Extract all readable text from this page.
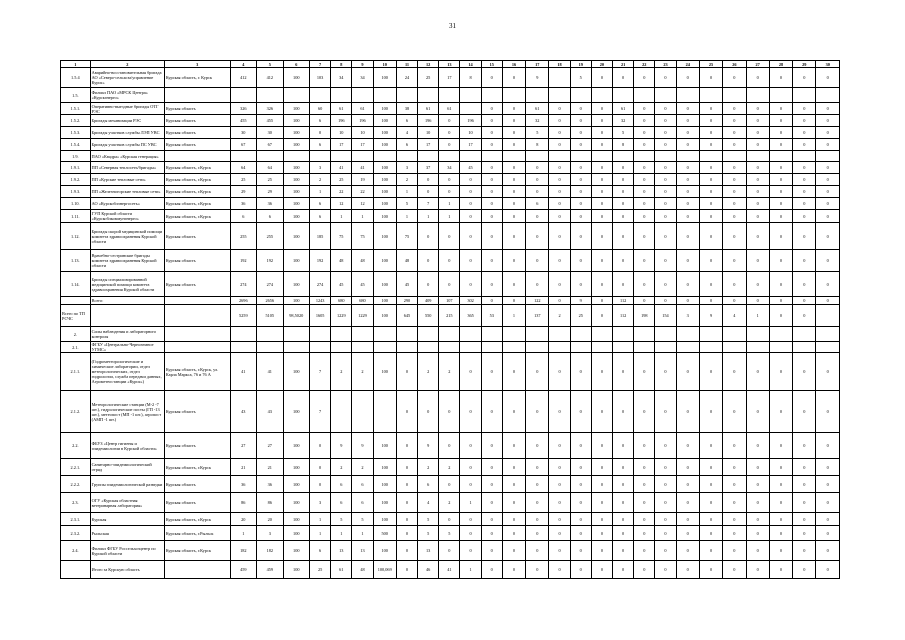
31
1	2	3	4	5	6	7	8	9	10	11	12	13	14	15	16	17	18	19	20	21	22	23	24	25	26	27	28	29	30
1.5.4	Аварийно-восстановительная бригада АО «Северо-сельхоза/управление Курск»	Курская область, г. Курск	412	412	100	103	34	34	100	24	25	17	8	0	0	9		5	0	0	0	0	0	0	0	0	0	0	0
1.5.	Филиал ПАО «МРСК Центра» «Курскэнерго»																												
1.5.1.	Оперативно-выездные бригады ОТГ РЭС	Курская область	326	326	100	60	61	61	100	38	61	61		0	0	61	0	0	0	61	0	0	0	0	0	0	0	0	0
1.5.2.	Бригады механизации РЭС	Курская область	455	455	100	6	196	196	100	6	196	0	196	0	0	32	0	0	0	32	0	0	0	0	0	0	0	0	0
1.5.3.	Бригады участков службы ЛЭП УВС	Курская область	30	30	100	0	10	10	100	4	10	0	10	0	0	5	0	0	0	5	0	0	0	0	0	0	0	0	0
1.5.4.	Бригады участков службы ПС УВС	Курская область	67	67	100	6	17	17	100	6	17	0	17	0	0	8	0	0	0	8	0	0	0	0	0	0	0	0	0
1.9.	ПАО «Квадра» «Курская генерация»																												
1.9.1.	ПП «Северная теплосеть/бригады»	Курская область, г.Курск	64	64	100	3	41	41	100	3	37	34	45	0	0	0	0	0	0	0	0	0	0	0	0	0	0	0	0
1.9.2.	ПП «Курские тепловые сети»	Курская область, г.Курск	25	25	100	2	25	19	100	2	0	0	0	0	0	0	0	0	0	0	0	0	0	0	0	0	0	0	0
1.9.3.	ПП «Железногорские тепловые сети»	Курская область, г.Курск	29	29	100	1	22	22	100	1	0	0	0	0	0	0	0	0	0	0	0	0	0	0	0	0	0	0	0
1.10.	АО «Курскоблэнергосеть»	Курская область, г.Курск	36	36	100	6	12	12	100	5	7	1	0	0	0	6	0	0	0	0	0	0	0	0	0	0	0	0	0
1.11.	ГУП Курской области «Курскоблкоммунэнерго»	Курская область, г.Курск	6	6	100	6	1	1	100	1	1	1	0	0	0	0	0	0	0	0	0	0	0	0	0	0	0	0	0
1.12.	Бригады скорой медицинской помощи комитета здравоохранения Курской области	Курская область	255	255	100	185	75	75	100	75	0	0	0	0	0	0	0	0	0	0	0	0	0	0	0	0	0	0	0
1.13.	Врачебно-сестринские бригады комитета здравоохранения Курской области	Курская область	192	192	100	192	48	48	100	48	0	0	0	0	0	0	0	0	0	0	0	0	0	0	0	0	0	0	0
1.14.	Бригады специализированной медицинской помощи комитета здравоохранения Курской области	Курская область	274	274	100	274	45	45	100	45	0	0	0	0	0	0	0	0	0	0	0	0	0	0	0	0	0	0	0
	Всего:		2696	2656	100	1243	680	680	100	290	409	107	302	0	0	122	0	9	0	112	0	0	0	0	0	0	0	0	0
Всего по ТП РСЧС			5259	5105	98,5020	1605	1229	1229	100	645	550	215	365	53	1	137	2	25	0	112	198	154	3	9	4	1	0	0	
2.	Силы наблюдения и лабораторного контроля																												
2.1.	ФГБУ «Центрально-Черноземное УГМС»																												
2.1.1.	(Гидрометеорологические и химические лаборатории, отдел метеорологических, отдел гидрологии, служба передачи данных, Агрометеостанции «Курск»)	Курская область, г.Курск, ул. Карла Маркса, 76 и 76 А	41	41	100	7	2	2	100	0	2	2	0	0	0	0	0	0	0	0	0	0	0	0	0	0	0	0	0
2.1.2.	Метеорологические станции (М-2 -7 шт.), гидрологические посты (ГП -13 шт.), метеопост (МП -1 шт.), агропост (АМП -1 шт.)	Курская область	43	43	100	7				0	0	0	0	0	0	0	0	0	0	0	0	0	0	0	0	0	0	0	0
2.2.	ФБУЗ «Центр гигиены и эпидемиологии в Курской области»	Курская область	27	27	100	0	9	9	100	0	9	0	0	0	0	0	0	0	0	0	0	0	0	0	0	0	0	0	0
2.2.1.	Санитарно-эпидемиологический отряд	Курская область, г.Курск	21	21	100	0	2	2	100	0	2	2	0	0	0	0	0	0	0	0	0	0	0	0	0	0	0	0	0
2.2.2.	Группы эпидемиологической разведки	Курская область	36	36	100	0	6	6	100	0	6	0	0	0	0	0	0	0	0	0	0	0	0	0	0	0	0	0	0
2.3.	ОГУ «Курская областная ветеринарная лаборатория»	Курская область	86	86	100	3	6	6	100	0	4	2	1	0	0	0	0	0	0	0	0	0	0	0	0	0	0	0	0
2.3.1.	Курская	Курская область, г.Курск	20	20	100	1	5	5	100	0	5	0	0	0	0	0	0	0	0	0	0	0	0	0	0	0	0	0	0
2.3.2.	Рыльская	Курская область, г.Рыльск	1	3	100	1	1	1	500	0	5	5	0	0	0	0	0	0	0	0	0	0	0	0	0	0	0	0	0
2.4.	Филиал ФГБУ Россельхозцентр по Курской области	Курская область, г.Курск	182	182	100	6	13	13	100	0	13	0	0	0	0	0	0	0	0	0	0	0	0	0	0	0	0	0	0
	Итого за Курскую область		459	459	100	25	61	48	100,069	0	46	41	1	0	0	0	0	0	0	0	0	0	0	0	0	0	0	0	0
